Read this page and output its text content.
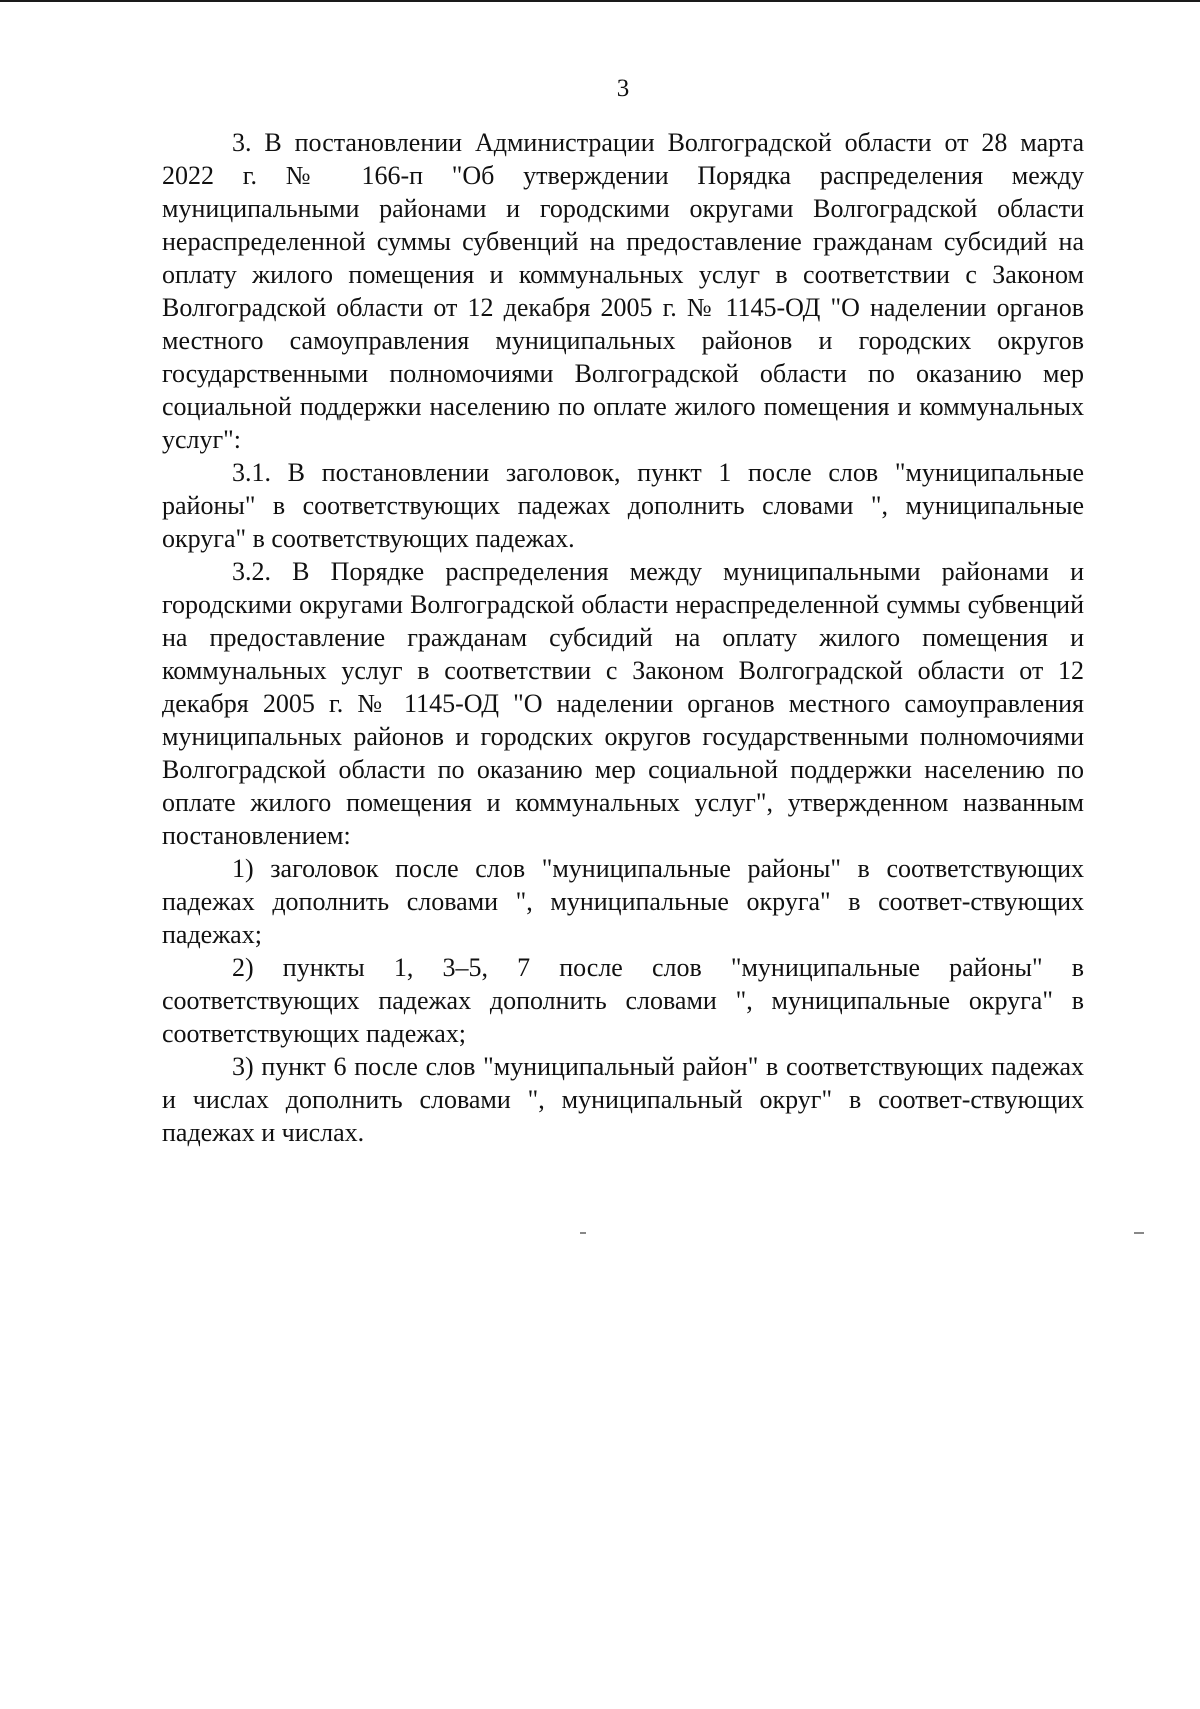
3

3. В постановлении Администрации Волгоградской области от 28 марта 2022 г. № 166-п "Об утверждении Порядка распределения между муниципальными районами и городскими округами Волгоградской области нераспределенной суммы субвенций на предоставление гражданам субсидий на оплату жилого помещения и коммунальных услуг в соответствии с Законом Волгоградской области от 12 декабря 2005 г. № 1145-ОД "О наделении органов местного самоуправления муниципальных районов и городских округов государственными полномочиями Волгоградской области по оказанию мер социальной поддержки населению по оплате жилого помещения и коммунальных услуг":

3.1. В постановлении заголовок, пункт 1 после слов "муниципальные районы" в соответствующих падежах дополнить словами ", муниципальные округа" в соответствующих падежах.

3.2. В Порядке распределения между муниципальными районами и городскими округами Волгоградской области нераспределенной суммы субвенций на предоставление гражданам субсидий на оплату жилого помещения и коммунальных услуг в соответствии с Законом Волгоградской области от 12 декабря 2005 г. № 1145-ОД "О наделении органов местного самоуправления муниципальных районов и городских округов государственными полномочиями Волгоградской области по оказанию мер социальной поддержки населению по оплате жилого помещения и коммунальных услуг", утвержденном названным постановлением:

1) заголовок после слов "муниципальные районы" в соответствующих падежах дополнить словами ", муниципальные округа" в соответ-ствующих падежах;

2) пункты 1, 3–5, 7 после слов "муниципальные районы" в соответствующих падежах дополнить словами ", муниципальные округа" в соответствующих падежах;

3) пункт 6 после слов "муниципальный район" в соответствующих падежах и числах дополнить словами ", муниципальный округ" в соответ-ствующих падежах и числах.
